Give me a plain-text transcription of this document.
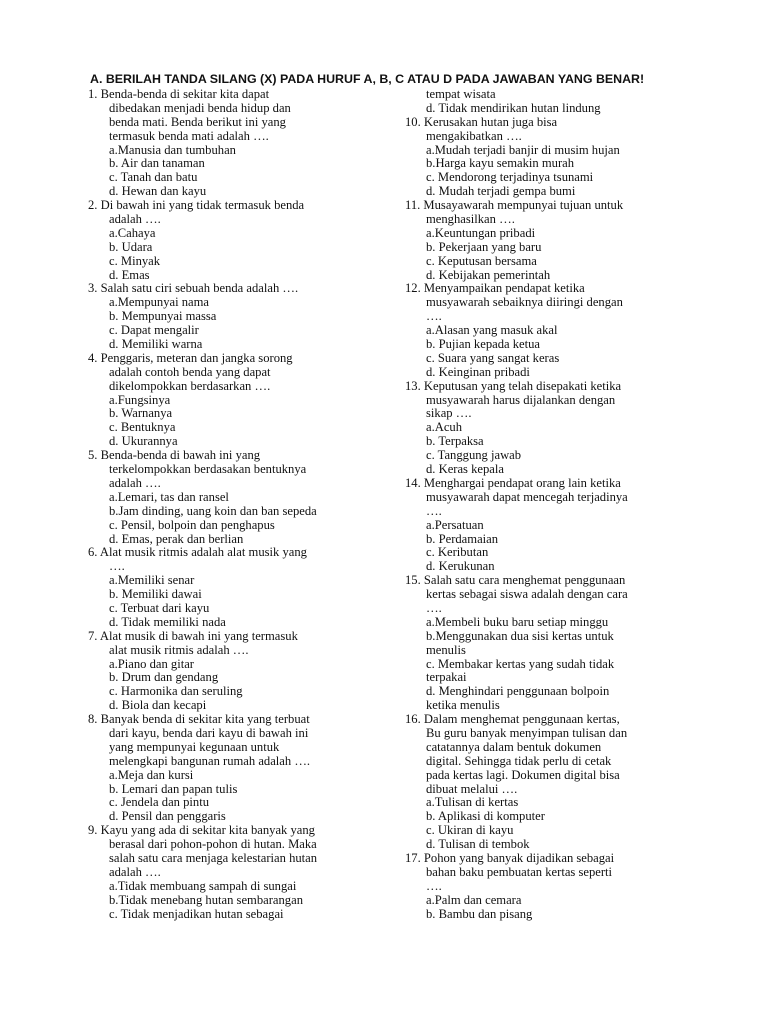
A. BERILAH TANDA SILANG (X) PADA HURUF A, B, C ATAU D PADA JAWABAN YANG BENAR!
1. Benda-benda di sekitar kita dapat
dibedakan menjadi benda hidup dan
benda mati. Benda berikut ini yang
termasuk benda mati adalah ….
a.Manusia dan tumbuhan
b. Air dan tanaman
c. Tanah dan batu
d. Hewan dan kayu
2. Di bawah ini yang tidak termasuk benda
adalah ….
a.Cahaya
b. Udara
c. Minyak
d. Emas
3. Salah satu ciri sebuah benda adalah ….
a.Mempunyai nama
b. Mempunyai massa
c. Dapat mengalir
d. Memiliki warna
4. Penggaris, meteran dan jangka sorong
adalah contoh benda yang dapat
dikelompokkan berdasarkan ….
a.Fungsinya
b. Warnanya
c. Bentuknya
d. Ukurannya
5. Benda-benda di bawah ini yang
terkelompokkan berdasakan bentuknya
adalah ….
a.Lemari, tas dan ransel
b.Jam dinding, uang koin dan ban sepeda
c. Pensil, bolpoin dan penghapus
d. Emas, perak dan berlian
6. Alat musik ritmis adalah alat musik yang
….
a.Memiliki senar
b. Memiliki dawai
c. Terbuat dari kayu
d. Tidak memiliki nada
7. Alat musik di bawah ini yang termasuk
alat musik ritmis adalah ….
a.Piano dan gitar
b. Drum dan gendang
c. Harmonika dan seruling
d. Biola dan kecapi
8. Banyak benda di sekitar kita yang terbuat
dari kayu, benda dari kayu di bawah ini
yang mempunyai kegunaan untuk
melengkapi bangunan rumah adalah ….
a.Meja dan kursi
b. Lemari dan papan tulis
c. Jendela dan pintu
d. Pensil dan penggaris
9. Kayu yang ada di sekitar kita banyak yang
berasal dari pohon-pohon di hutan. Maka
salah satu cara menjaga kelestarian hutan
adalah ….
a.Tidak membuang sampah di sungai
b.Tidak menebang hutan sembarangan
c. Tidak menjadikan hutan sebagai
tempat wisata
d. Tidak mendirikan hutan lindung
10. Kerusakan hutan juga bisa
mengakibatkan ….
a.Mudah terjadi banjir di musim hujan
b.Harga kayu semakin murah
c. Mendorong terjadinya tsunami
d. Mudah terjadi gempa bumi
11. Musayawarah mempunyai tujuan untuk
menghasilkan ….
a.Keuntungan pribadi
b. Pekerjaan yang baru
c. Keputusan bersama
d. Kebijakan pemerintah
12. Menyampaikan pendapat ketika
musyawarah sebaiknya diiringi dengan
….
a.Alasan yang masuk akal
b. Pujian kepada ketua
c. Suara yang sangat keras
d. Keinginan pribadi
13. Keputusan yang telah disepakati ketika
musyawarah harus dijalankan dengan
sikap ….
a.Acuh
b. Terpaksa
c. Tanggung jawab
d. Keras kepala
14. Menghargai pendapat orang lain ketika
musyawarah dapat mencegah terjadinya
….
a.Persatuan
b. Perdamaian
c. Keributan
d. Kerukunan
15. Salah satu cara menghemat penggunaan
kertas sebagai siswa adalah dengan cara
….
a.Membeli buku baru setiap minggu
b.Menggunakan dua sisi kertas untuk
menulis
c. Membakar kertas yang sudah tidak
terpakai
d. Menghindari penggunaan bolpoin
ketika menulis
16. Dalam menghemat penggunaan kertas,
Bu guru banyak menyimpan tulisan dan
catatannya dalam bentuk dokumen
digital. Sehingga tidak perlu di cetak
pada kertas lagi. Dokumen digital bisa
dibuat melalui ….
a.Tulisan di kertas
b. Aplikasi di komputer
c. Ukiran di kayu
d. Tulisan di tembok
17. Pohon yang banyak dijadikan sebagai
bahan baku pembuatan kertas seperti
….
a.Palm dan cemara
b. Bambu dan pisang
